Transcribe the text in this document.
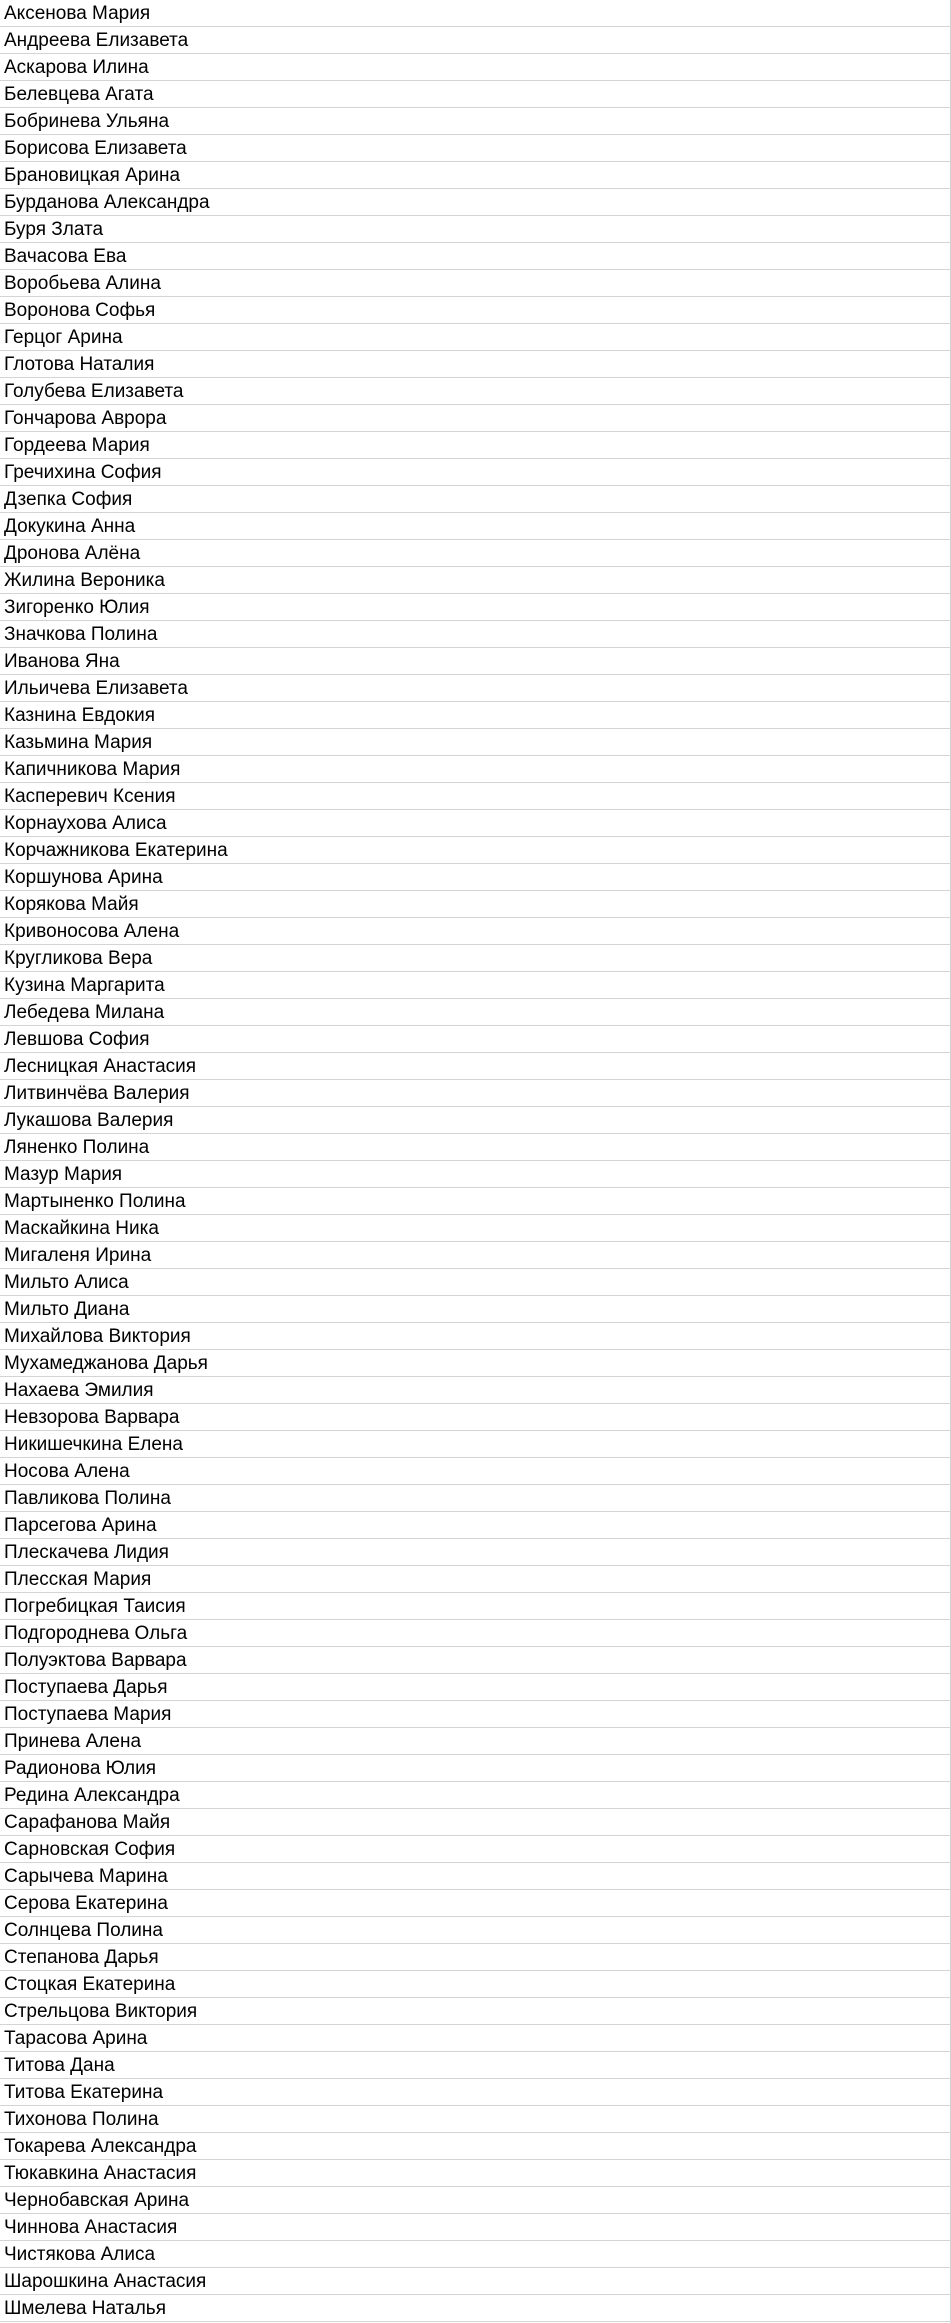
Аксенова Мария
Андреева Елизавета
Аскарова Илина
Белевцева Агата
Бобринева Ульяна
Борисова Елизавета
Брановицкая Арина
Бурданова Александра
Буря Злата
Вачасова Ева
Воробьева Алина
Воронова Софья
Герцог Арина
Глотова Наталия
Голубева Елизавета
Гончарова Аврора
Гордеева Мария
Гречихина София
Дзепка София
Докукина Анна
Дронова Алёна
Жилина Вероника
Зигоренко Юлия
Значкова Полина
Иванова Яна
Ильичева Елизавета
Казнина Евдокия
Казьмина Мария
Капичникова Мария
Касперевич Ксения
Корнаухова Алиса
Корчажникова Екатерина
Коршунова Арина
Корякова Майя
Кривоносова Алена
Кругликова Вера
Кузина Маргарита
Лебедева Милана
Левшова София
Лесницкая Анастасия
Литвинчёва Валерия
Лукашова Валерия
Ляненко Полина
Мазур Мария
Мартыненко Полина
Маскайкина Ника
Мигаленя Ирина
Мильто Алиса
Мильто Диана
Михайлова Виктория
Мухамеджанова Дарья
Нахаева Эмилия
Невзорова Варвара
Никишечкина Елена
Носова Алена
Павликова Полина
Парсегова Арина
Плескачева Лидия
Плесская Мария
Погребицкая Таисия
Подгороднева Ольга
Полуэктова Варвара
Поступаева Дарья
Поступаева Мария
Принева Алена
Радионова Юлия
Редина Александра
Сарафанова Майя
Сарновская София
Сарычева Марина
Серова Екатерина
Солнцева Полина
Степанова Дарья
Стоцкая Екатерина
Стрельцова Виктория
Тарасова Арина
Титова Дана
Титова Екатерина
Тихонова Полина
Токарева Александра
Тюкавкина Анастасия
Чернобавская Арина
Чиннова Анастасия
Чистякова Алиса
Шарошкина Анастасия
Шмелева Наталья
